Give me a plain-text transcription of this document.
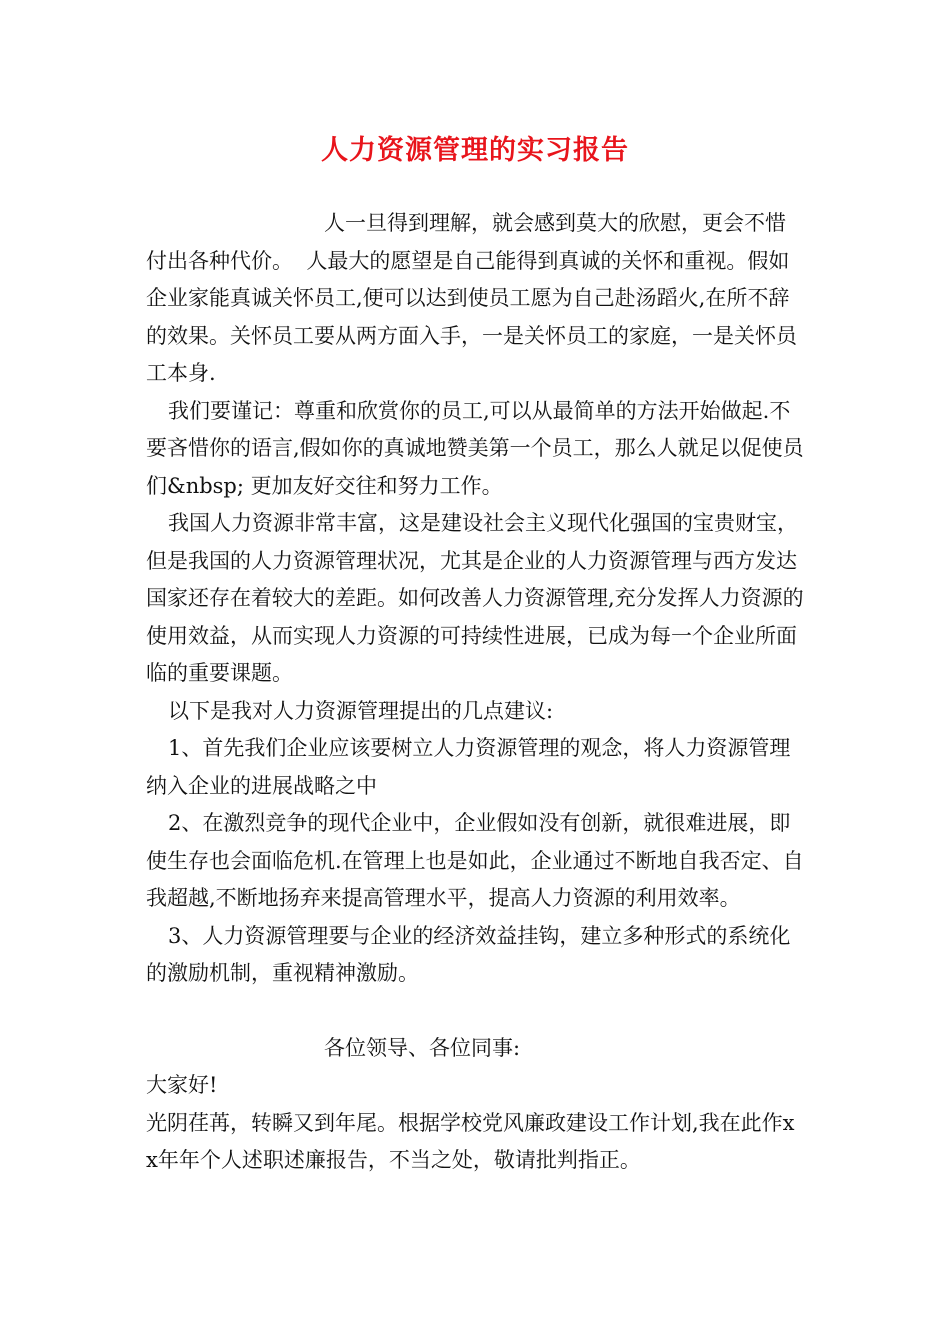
人力资源管理的实习报告

人一旦得到理解，就会感到莫大的欣慰，更会不惜付出各种代价。  人最大的愿望是自己能得到真诚的关怀和重视。假如企业家能真诚关怀员工,便可以达到使员工愿为自己赴汤蹈火,在所不辞的效果。关怀员工要从两方面入手，一是关怀员工的家庭，一是关怀员工本身.

我们要谨记：尊重和欣赏你的员工,可以从最简单的方法开始做起.不要吝惜你的语言,假如你的真诚地赞美第一个员工，那么人就足以促使员们&nbsp; 更加友好交往和努力工作。

我国人力资源非常丰富，这是建设社会主义现代化强国的宝贵财宝，但是我国的人力资源管理状况，尤其是企业的人力资源管理与西方发达国家还存在着较大的差距。如何改善人力资源管理,充分发挥人力资源的使用效益，从而实现人力资源的可持续性进展，已成为每一个企业所面临的重要课题。

以下是我对人力资源管理提出的几点建议:

1、首先我们企业应该要树立人力资源管理的观念，将人力资源管理纳入企业的进展战略之中

2、在激烈竞争的现代企业中，企业假如没有创新，就很难进展，即使生存也会面临危机.在管理上也是如此，企业通过不断地自我否定、自我超越,不断地扬弃来提高管理水平，提高人力资源的利用效率。

3、人力资源管理要与企业的经济效益挂钩，建立多种形式的系统化的激励机制，重视精神激励。

各位领导、各位同事:

大家好!

光阴荏苒，转瞬又到年尾。根据学校党风廉政建设工作计划,我在此作xx年年个人述职述廉报告，不当之处，敬请批判指正。
